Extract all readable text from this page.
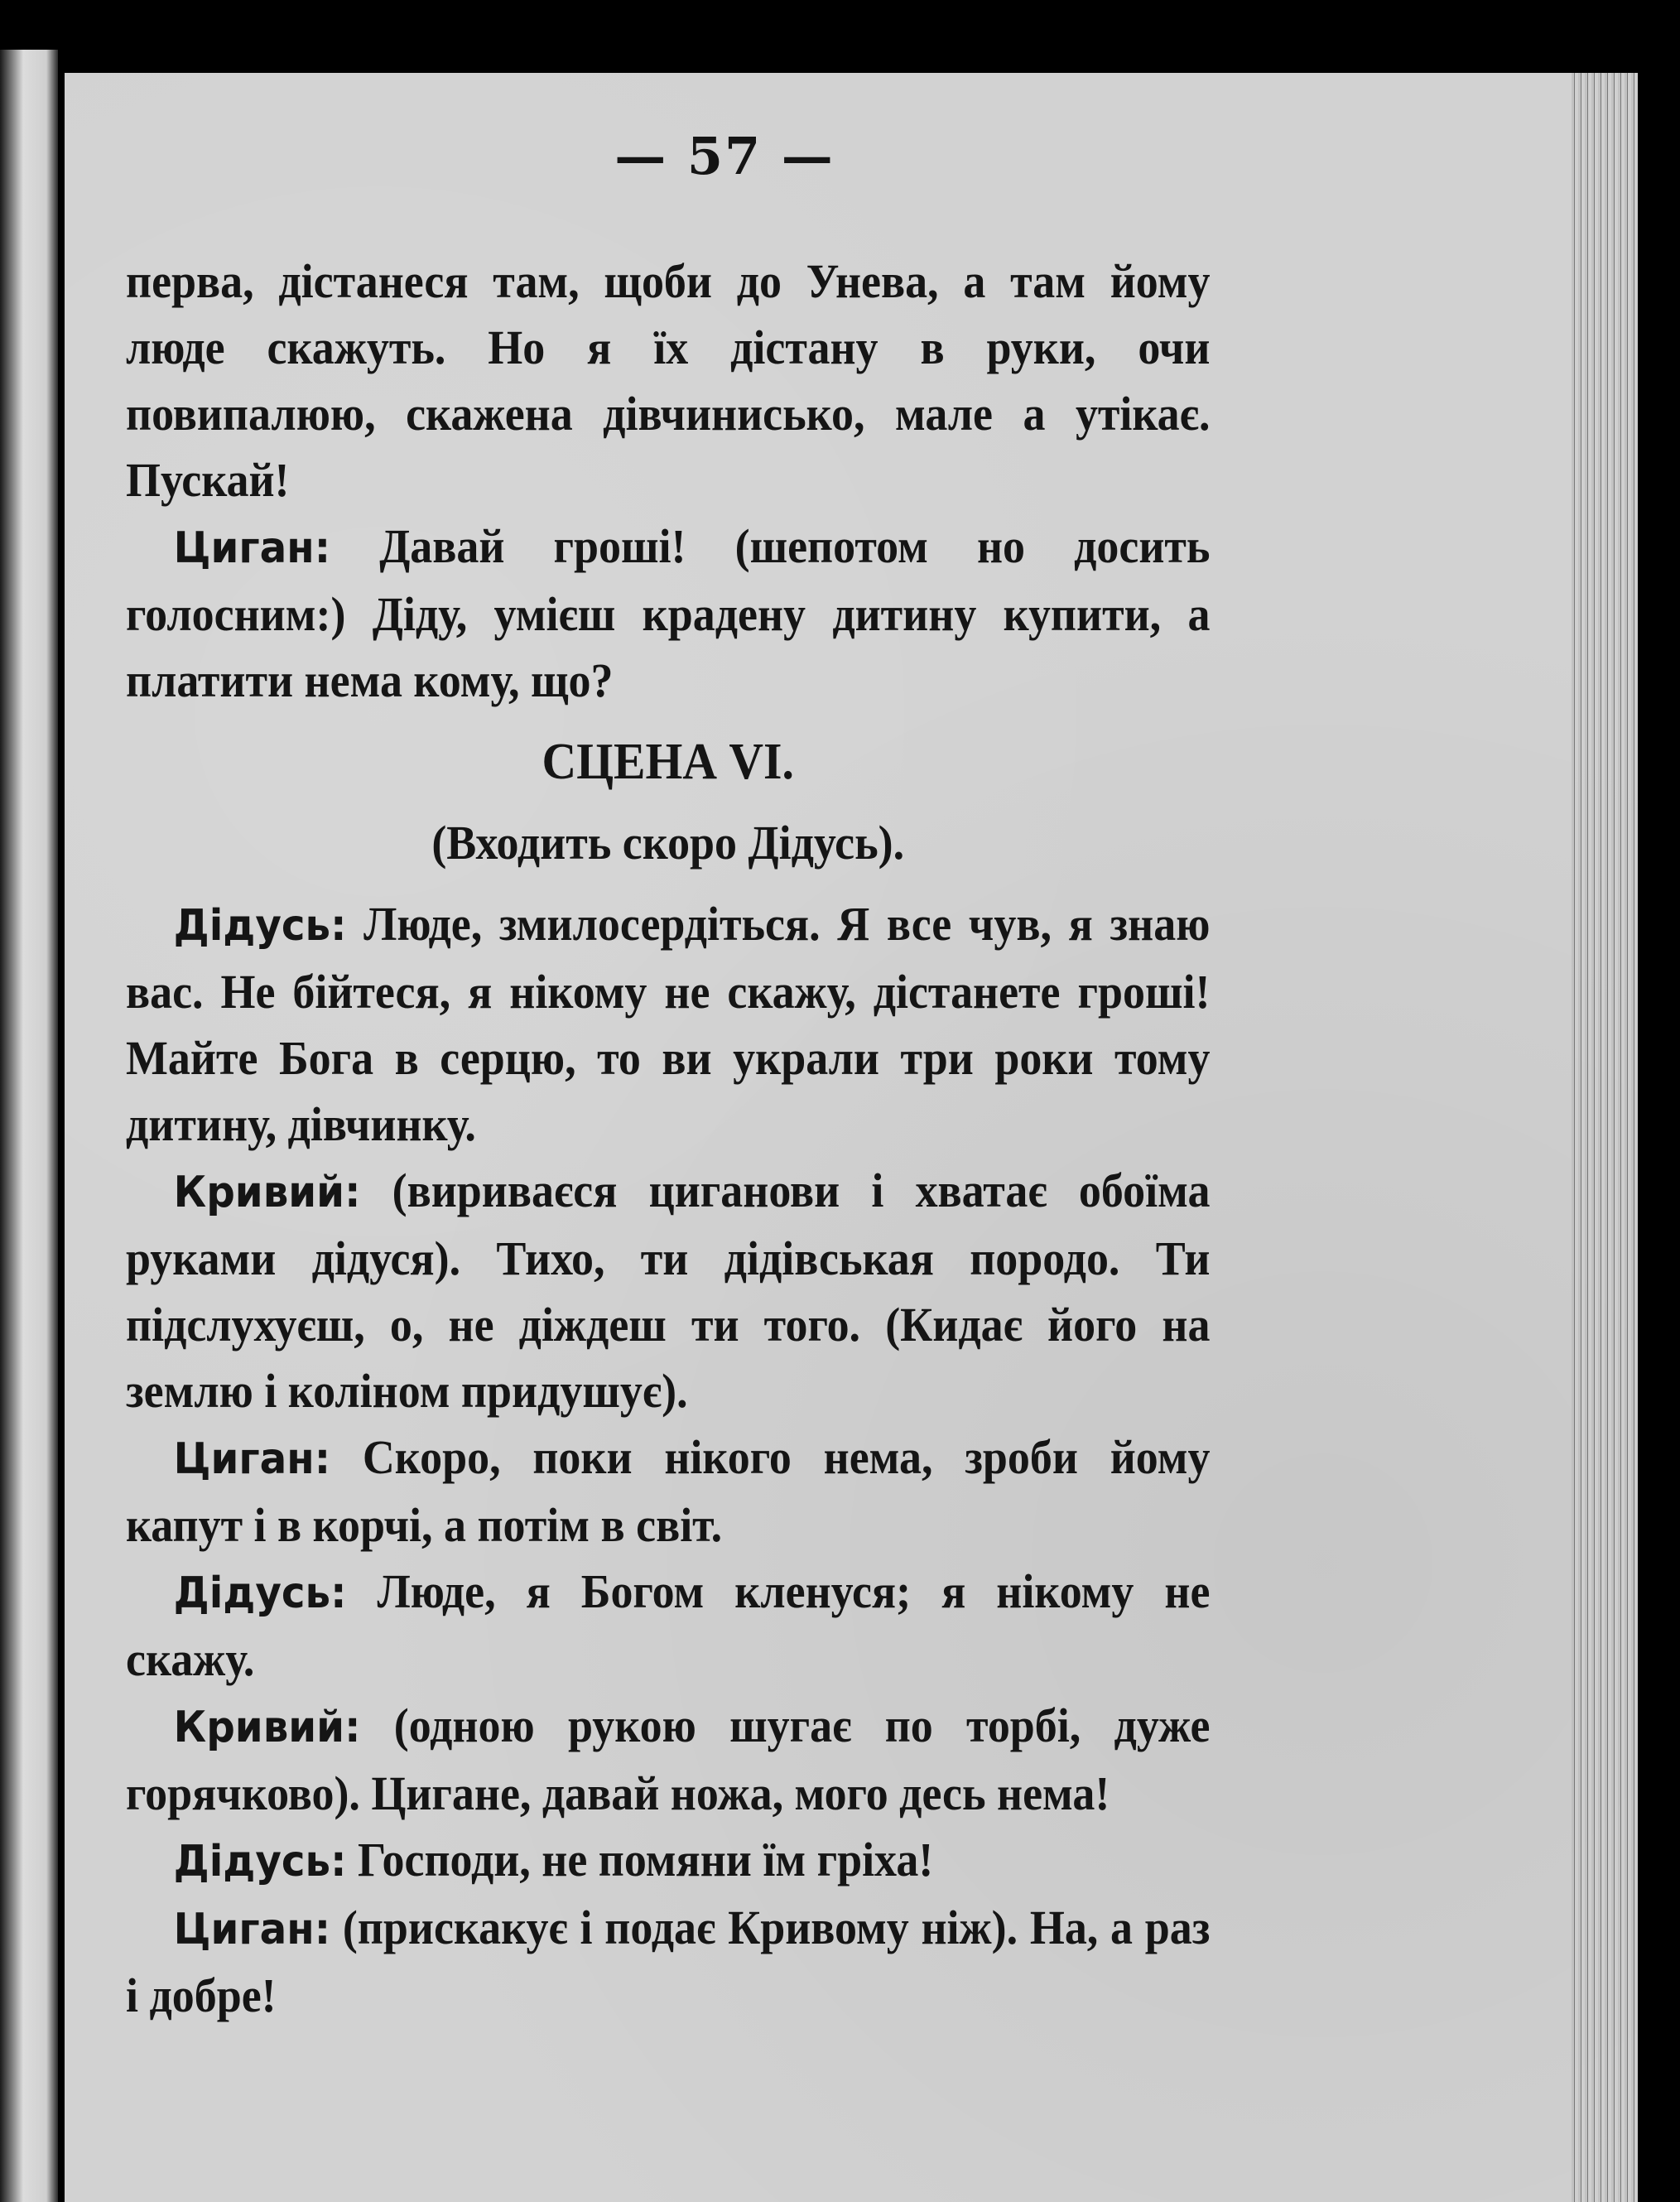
— 57 —

перва, дістанеся там, щоби до Унева, а там йому люде скажуть. Но я їх дістану в руки, очи повипалюю, скажена дівчинисько, мале а утікає. Пускай!

Циган: Давай гроші! (шепотом но досить голосним:) Діду, умієш крадену дитину купити, а платити нема кому, що?

СЦЕНА VI.

(Входить скоро Дідусь).

Дідусь: Люде, змилосердіться. Я все чув, я знаю вас. Не бійтеся, я нікому не скажу, дістанете гроші! Майте Бога в серцю, то ви украли три роки тому дитину, дівчинку.

Кривий: (вириваєся циганови і хватає обоїма руками дідуся). Тихо, ти дідівськая породо. Ти підслухуєш, о, не діждеш ти того. (Кидає його на землю і коліном придушує).

Циган: Скоро, поки нікого нема, зроби йому капут і в корчі, а потім в світ.

Дідусь: Люде, я Богом кленуся; я нікому не скажу.

Кривий: (одною рукою шугає по торбі, дуже горячково). Цигане, давай ножа, мого десь нема!

Дідусь: Господи, не помяни їм гріха!

Циган: (прискакує і подає Кривому ніж). На, а раз і добре!
